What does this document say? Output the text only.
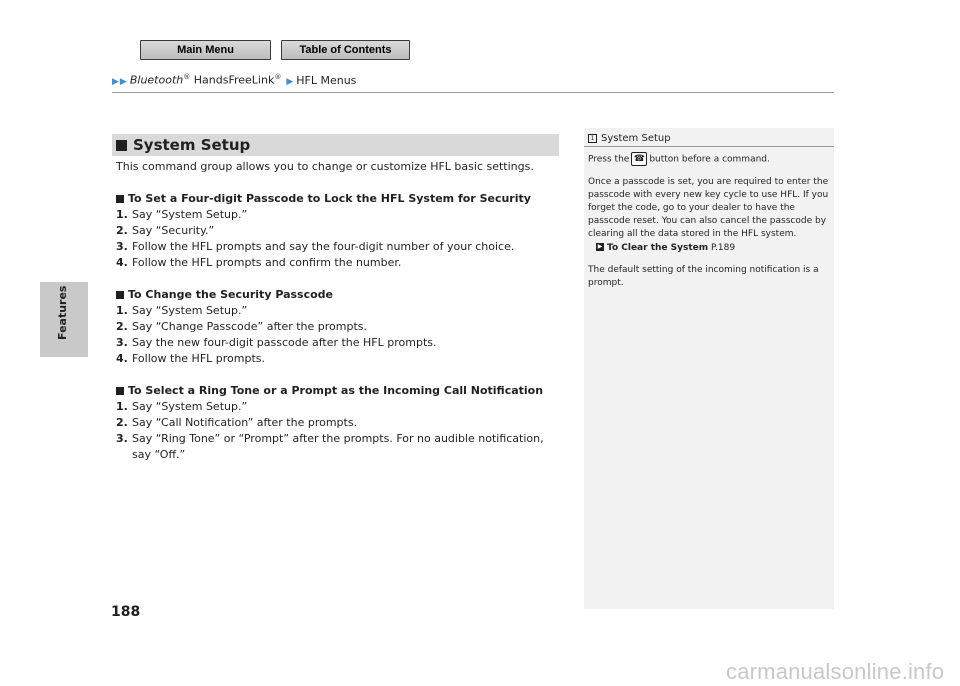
Main Menu	Table of Contents
▶ ▶ Bluetooth® HandsFreeLink® ▶ HFL Menus
Features
System Setup

This command group allows you to change or customize HFL basic settings.

To Set a Four-digit Passcode to Lock the HFL System for Security
1. Say “System Setup.”
2. Say “Security.”
3. Follow the HFL prompts and say the four-digit number of your choice.
4. Follow the HFL prompts and confirm the number.
To Change the Security Passcode
1. Say “System Setup.”
2. Say “Change Passcode” after the prompts.
3. Say the new four-digit passcode after the HFL prompts.
4. Follow the HFL prompts.
To Select a Ring Tone or a Prompt as the Incoming Call Notification
1. Say “System Setup.”
2. Say “Call Notification” after the prompts.
3. Say “Ring Tone” or “Prompt” after the prompts. For no audible notification, say “Off.”
1 System Setup

Press the ☎ button before a command.

Once a passcode is set, you are required to enter the passcode with every new key cycle to use HFL. If you forget the code, go to your dealer to have the passcode reset. You can also cancel the passcode by clearing all the data stored in the HFL system.
▶ To Clear the System P.189

The default setting of the incoming notification is a prompt.

188
carmanualsonline.info
